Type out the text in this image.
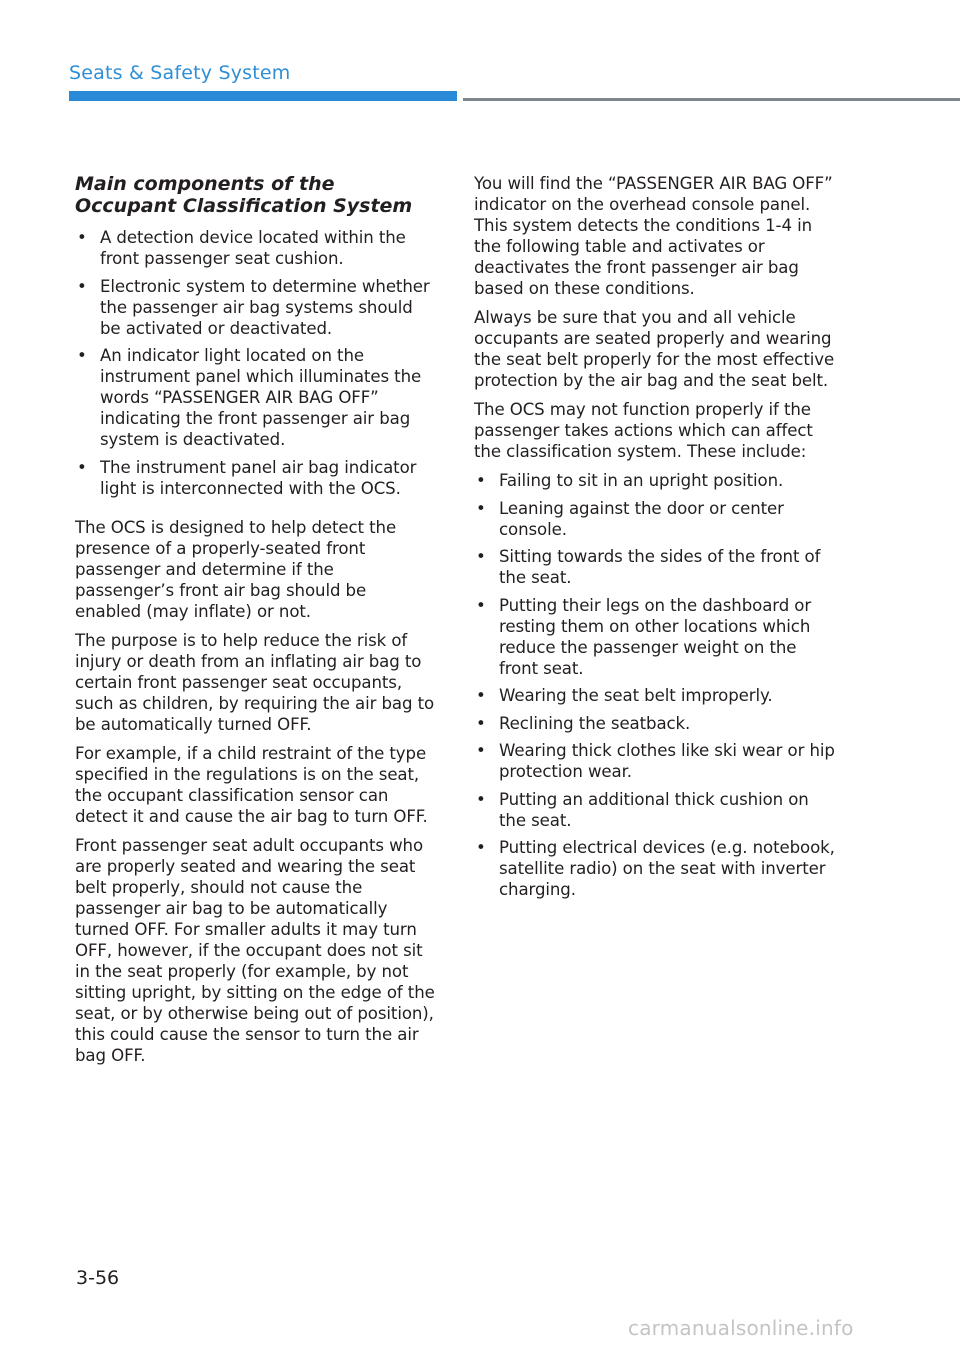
Seats & Safety System
Main components of the Occupant Classification System
• A detection device located within the front passenger seat cushion.
• Electronic system to determine whether the passenger air bag systems should be activated or deactivated.
• An indicator light located on the instrument panel which illuminates the words “PASSENGER AIR BAG OFF” indicating the front passenger air bag system is deactivated.
• The instrument panel air bag indicator light is interconnected with the OCS.

The OCS is designed to help detect the presence of a properly-seated front passenger and determine if the passenger’s front air bag should be enabled (may inflate) or not.

The purpose is to help reduce the risk of injury or death from an inflating air bag to certain front passenger seat occupants, such as children, by requiring the air bag to be automatically turned OFF.

For example, if a child restraint of the type specified in the regulations is on the seat, the occupant classification sensor can detect it and cause the air bag to turn OFF.

Front passenger seat adult occupants who are properly seated and wearing the seat belt properly, should not cause the passenger air bag to be automatically turned OFF. For smaller adults it may turn OFF, however, if the occupant does not sit in the seat properly (for example, by not sitting upright, by sitting on the edge of the seat, or by otherwise being out of position), this could cause the sensor to turn the air bag OFF.

You will find the “PASSENGER AIR BAG OFF” indicator on the overhead console panel. This system detects the conditions 1-4 in the following table and activates or deactivates the front passenger air bag based on these conditions.

Always be sure that you and all vehicle occupants are seated properly and wearing the seat belt properly for the most effective protection by the air bag and the seat belt.

The OCS may not function properly if the passenger takes actions which can affect the classification system. These include:

• Failing to sit in an upright position.
• Leaning against the door or center console.
• Sitting towards the sides of the front of the seat.
• Putting their legs on the dashboard or resting them on other locations which reduce the passenger weight on the front seat.
• Wearing the seat belt improperly.
• Reclining the seatback.
• Wearing thick clothes like ski wear or hip protection wear.
• Putting an additional thick cushion on the seat.
• Putting electrical devices (e.g. notebook, satellite radio) on the seat with inverter charging.
3-56
carmanualsonline.info
